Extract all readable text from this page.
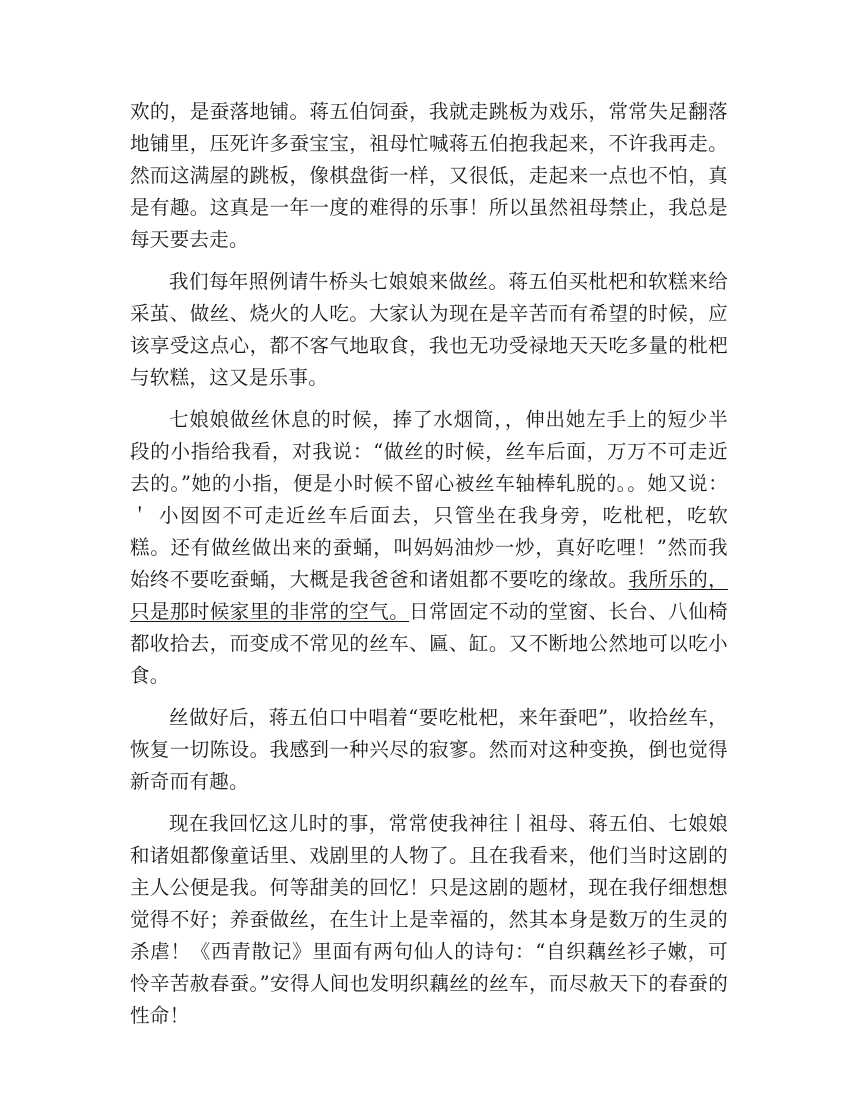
欢的，是蚕落地铺。蒋五伯饲蚕，我就走跳板为戏乐，常常失足翻落地铺里，压死许多蚕宝宝，祖母忙喊蒋五伯抱我起来，不许我再走。然而这满屋的跳板，像棋盘街一样，又很低，走起来一点也不怕，真是有趣。这真是一年一度的难得的乐事！所以虽然祖母禁止，我总是每天要去走。

我们每年照例请牛桥头七娘娘来做丝。蒋五伯买枇杷和软糕来给采茧、做丝、烧火的人吃。大家认为现在是辛苦而有希望的时候，应该享受这点心，都不客气地取食，我也无功受禄地天天吃多量的枇杷与软糕，这又是乐事。

七娘娘做丝休息的时候，捧了水烟筒，，伸出她左手上的短少半段的小指给我看，对我说：“做丝的时候，丝车后面，万万不可走近去的。”她的小指，便是小时候不留心被丝车轴棒轧脱的。。她又说：＇ 小囡囡不可走近丝车后面去，只管坐在我身旁，吃枇杷，吃软糕。还有做丝做出来的蚕蛹，叫妈妈油炒一炒，真好吃哩！”然而我始终不要吃蚕蛹，大概是我爸爸和诸姐都不要吃的缘故。我所乐的，只是那时候家里的非常的空气。日常固定不动的堂窗、长台、八仙椅都收拾去，而变成不常见的丝车、匾、缸。又不断地公然地可以吃小食。

丝做好后，蒋五伯口中唱着“要吃枇杷，来年蚕吧”，收拾丝车，恢复一切陈设。我感到一种兴尽的寂寥。然而对这种变换，倒也觉得新奇而有趣。

现在我回忆这儿时的事，常常使我神往丨祖母、蒋五伯、七娘娘和诸姐都像童话里、戏剧里的人物了。且在我看来，他们当时这剧的主人公便是我。何等甜美的回忆！只是这剧的题材，现在我仔细想想觉得不好；养蚕做丝，在生计上是幸福的，然其本身是数万的生灵的杀虐！《西青散记》里面有两句仙人的诗句：“自织藕丝衫子嫩，可怜辛苦赦春蚕。”安得人间也发明织藕丝的丝车，而尽赦天下的春蚕的性命！
